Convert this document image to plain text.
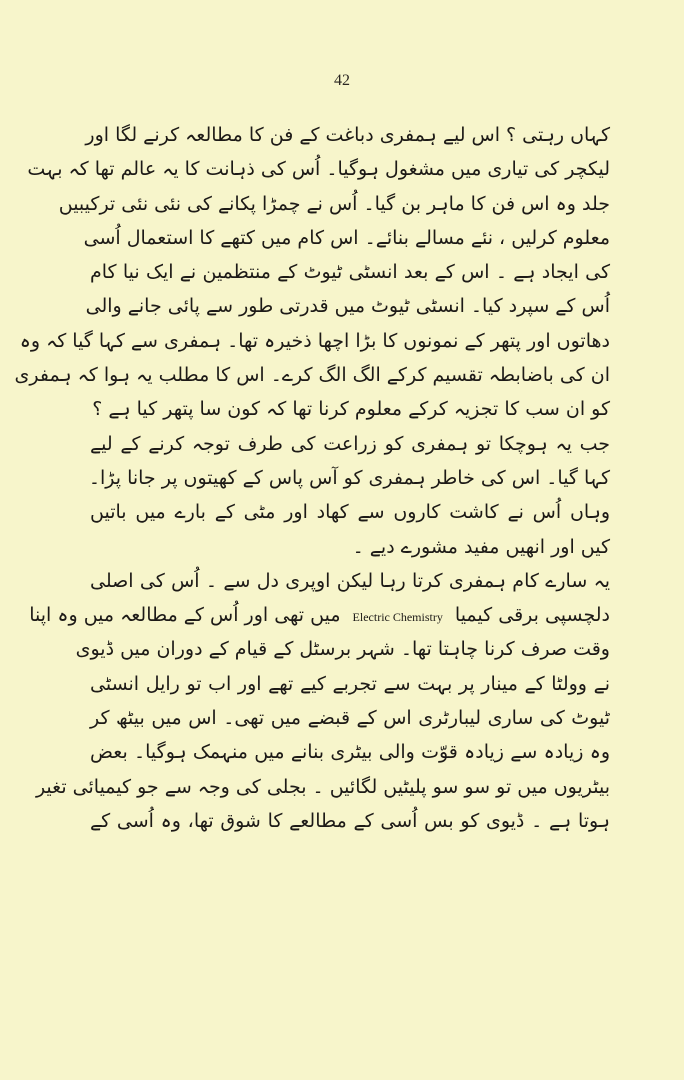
42
کہاں رہتی ؟ اس لیے ہمفری دباغت کے فن کا مطالعہ کرنے لگا اور
لیکچر کی تیاری میں مشغول ہوگیا۔ اُس کی ذہانت کا یہ عالم تھا کہ بہت
جلد وہ اس فن کا ماہر بن گیا۔ اُس نے چمڑا پکانے کی نئی نئی ترکیبیں
معلوم کرلیں ، نئے مسالے بنائے۔ اس کام میں کتھے کا استعمال اُسی
کی ایجاد ہے ۔ اس کے بعد انسٹی ٹیوٹ کے منتظمین نے ایک نیا کام
اُس کے سپرد کیا۔ انسٹی ٹیوٹ میں قدرتی طور سے پائی جانے والی
دھاتوں اور پتھر کے نمونوں کا بڑا اچھا ذخیرہ تھا۔ ہمفری سے کہا گیا کہ وہ
ان کی باضابطہ تقسیم کرکے الگ الگ کرے۔ اس کا مطلب یہ ہوا کہ ہمفری
کو ان سب کا تجزیہ کرکے معلوم کرنا تھا کہ کون سا پتھر کیا ہے ؟
جب یہ ہوچکا تو ہمفری کو زراعت کی طرف توجہ کرنے کے لیے
کہا گیا۔ اس کی خاطر ہمفری کو آس پاس کے کھیتوں پر جانا پڑا۔
وہاں اُس نے کاشت کاروں سے کھاد اور مٹی کے بارے میں باتیں
کیں اور انھیں مفید مشورے دیے ۔
یہ سارے کام ہمفری کرتا رہا لیکن اوپری دل سے ۔ اُس کی اصلی
دلچسپی برقی کیمیا Electric Chemistry میں تھی اور اُس کے مطالعہ میں وہ اپنا
وقت صرف کرنا چاہتا تھا۔ شہر برسٹل کے قیام کے دوران میں ڈیوی
نے وولٹا کے مینار پر بہت سے تجربے کیے تھے اور اب تو رایل انسٹی
ٹیوٹ کی ساری لیبارٹری اس کے قبضے میں تھی۔ اس میں بیٹھ کر
وہ زیادہ سے زیادہ قوّت والی بیٹری بنانے میں منہمک ہوگیا۔ بعض
بیٹریوں میں تو سو سو پلیٹیں لگائیں ۔ بجلی کی وجہ سے جو کیمیائی تغیر
ہوتا ہے ۔ ڈیوی کو بس اُسی کے مطالعے کا شوق تھا، وہ اُسی کے
